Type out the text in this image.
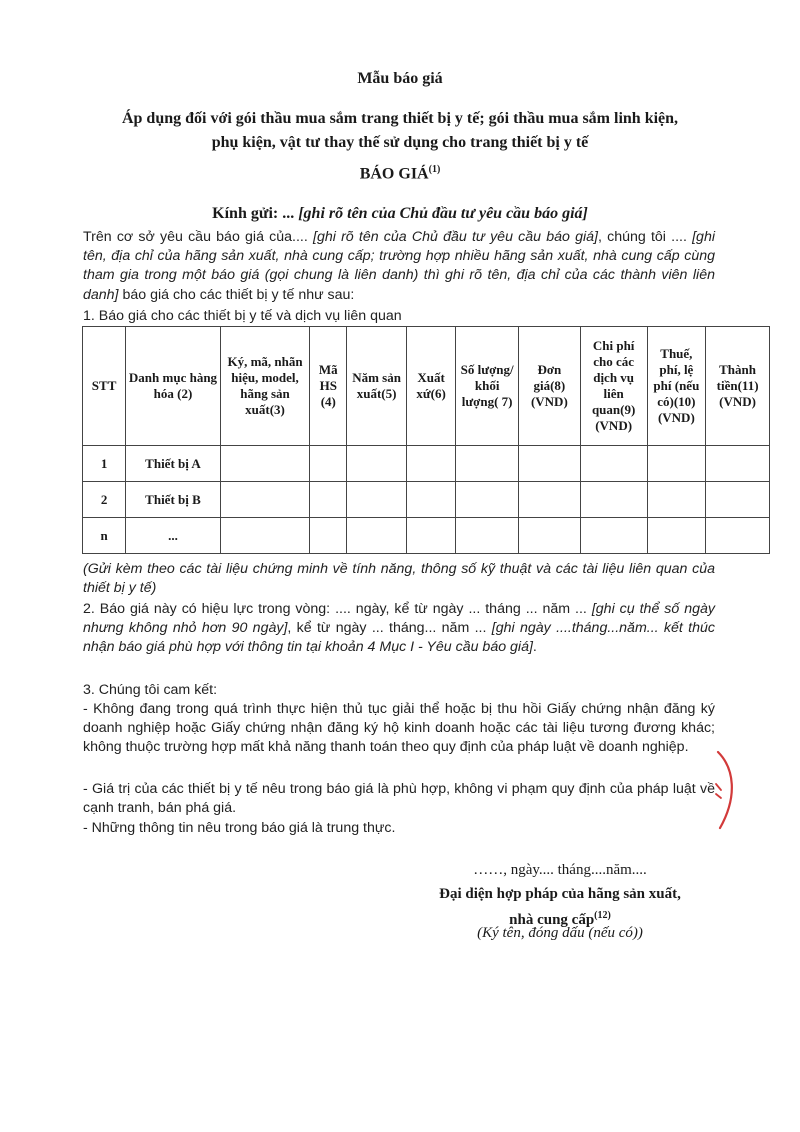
Mẫu báo giá
Áp dụng đối với gói thầu mua sắm trang thiết bị y tế; gói thầu mua sắm linh kiện,
phụ kiện, vật tư thay thế sử dụng cho trang thiết bị y tế
BÁO GIÁ$^{(1)}$
Kính gửi: ... [ghi rõ tên của Chủ đầu tư yêu cầu báo giá]
Trên cơ sở yêu cầu báo giá của.... [ghi rõ tên của Chủ đầu tư yêu cầu báo giá], chúng tôi .... [ghi tên, địa chỉ của hãng sản xuất, nhà cung cấp; trường hợp nhiều hãng sản xuất, nhà cung cấp cùng tham gia trong một báo giá (gọi chung là liên danh) thì ghi rõ tên, địa chỉ của các thành viên liên danh] báo giá cho các thiết bị y tế như sau:
1. Báo giá cho các thiết bị y tế và dịch vụ liên quan
STT	Danh mục hàng hóa (2)	Ký, mã, nhãn hiệu, model, hãng sản xuất(3)	Mã HS (4)	Năm sản xuất(5)	Xuất xứ(6)	Số lượng/ khối lượng( 7)	Đơn giá(8) (VND)	Chi phí cho các dịch vụ liên quan(9) (VND)	Thuế, phí, lệ phí (nếu có)(10) (VND)	Thành tiền(11) (VND)
1	Thiết bị A									
2	Thiết bị B									
n	...									
(Gửi kèm theo các tài liệu chứng minh về tính năng, thông số kỹ thuật và các tài liệu liên quan của thiết bị y tế)
2. Báo giá này có hiệu lực trong vòng: .... ngày, kể từ ngày ... tháng ... năm ... [ghi cụ thể số ngày nhưng không nhỏ hơn 90 ngày], kể từ ngày ... tháng... năm ... [ghi ngày ....tháng...năm... kết thúc nhận báo giá phù hợp với thông tin tại khoản 4 Mục I - Yêu cầu báo giá].
3. Chúng tôi cam kết:
- Không đang trong quá trình thực hiện thủ tục giải thể hoặc bị thu hồi Giấy chứng nhận đăng ký doanh nghiệp hoặc Giấy chứng nhận đăng ký hộ kinh doanh hoặc các tài liệu tương đương khác; không thuộc trường hợp mất khả năng thanh toán theo quy định của pháp luật về doanh nghiệp.
- Giá trị của các thiết bị y tế nêu trong báo giá là phù hợp, không vi phạm quy định của pháp luật về cạnh tranh, bán phá giá.
- Những thông tin nêu trong báo giá là trung thực.
……, ngày.... tháng....năm....
Đại diện hợp pháp của hãng sản xuất,
nhà cung cấp$^{(12)}$
(Ký tên, đóng dấu (nếu có))
